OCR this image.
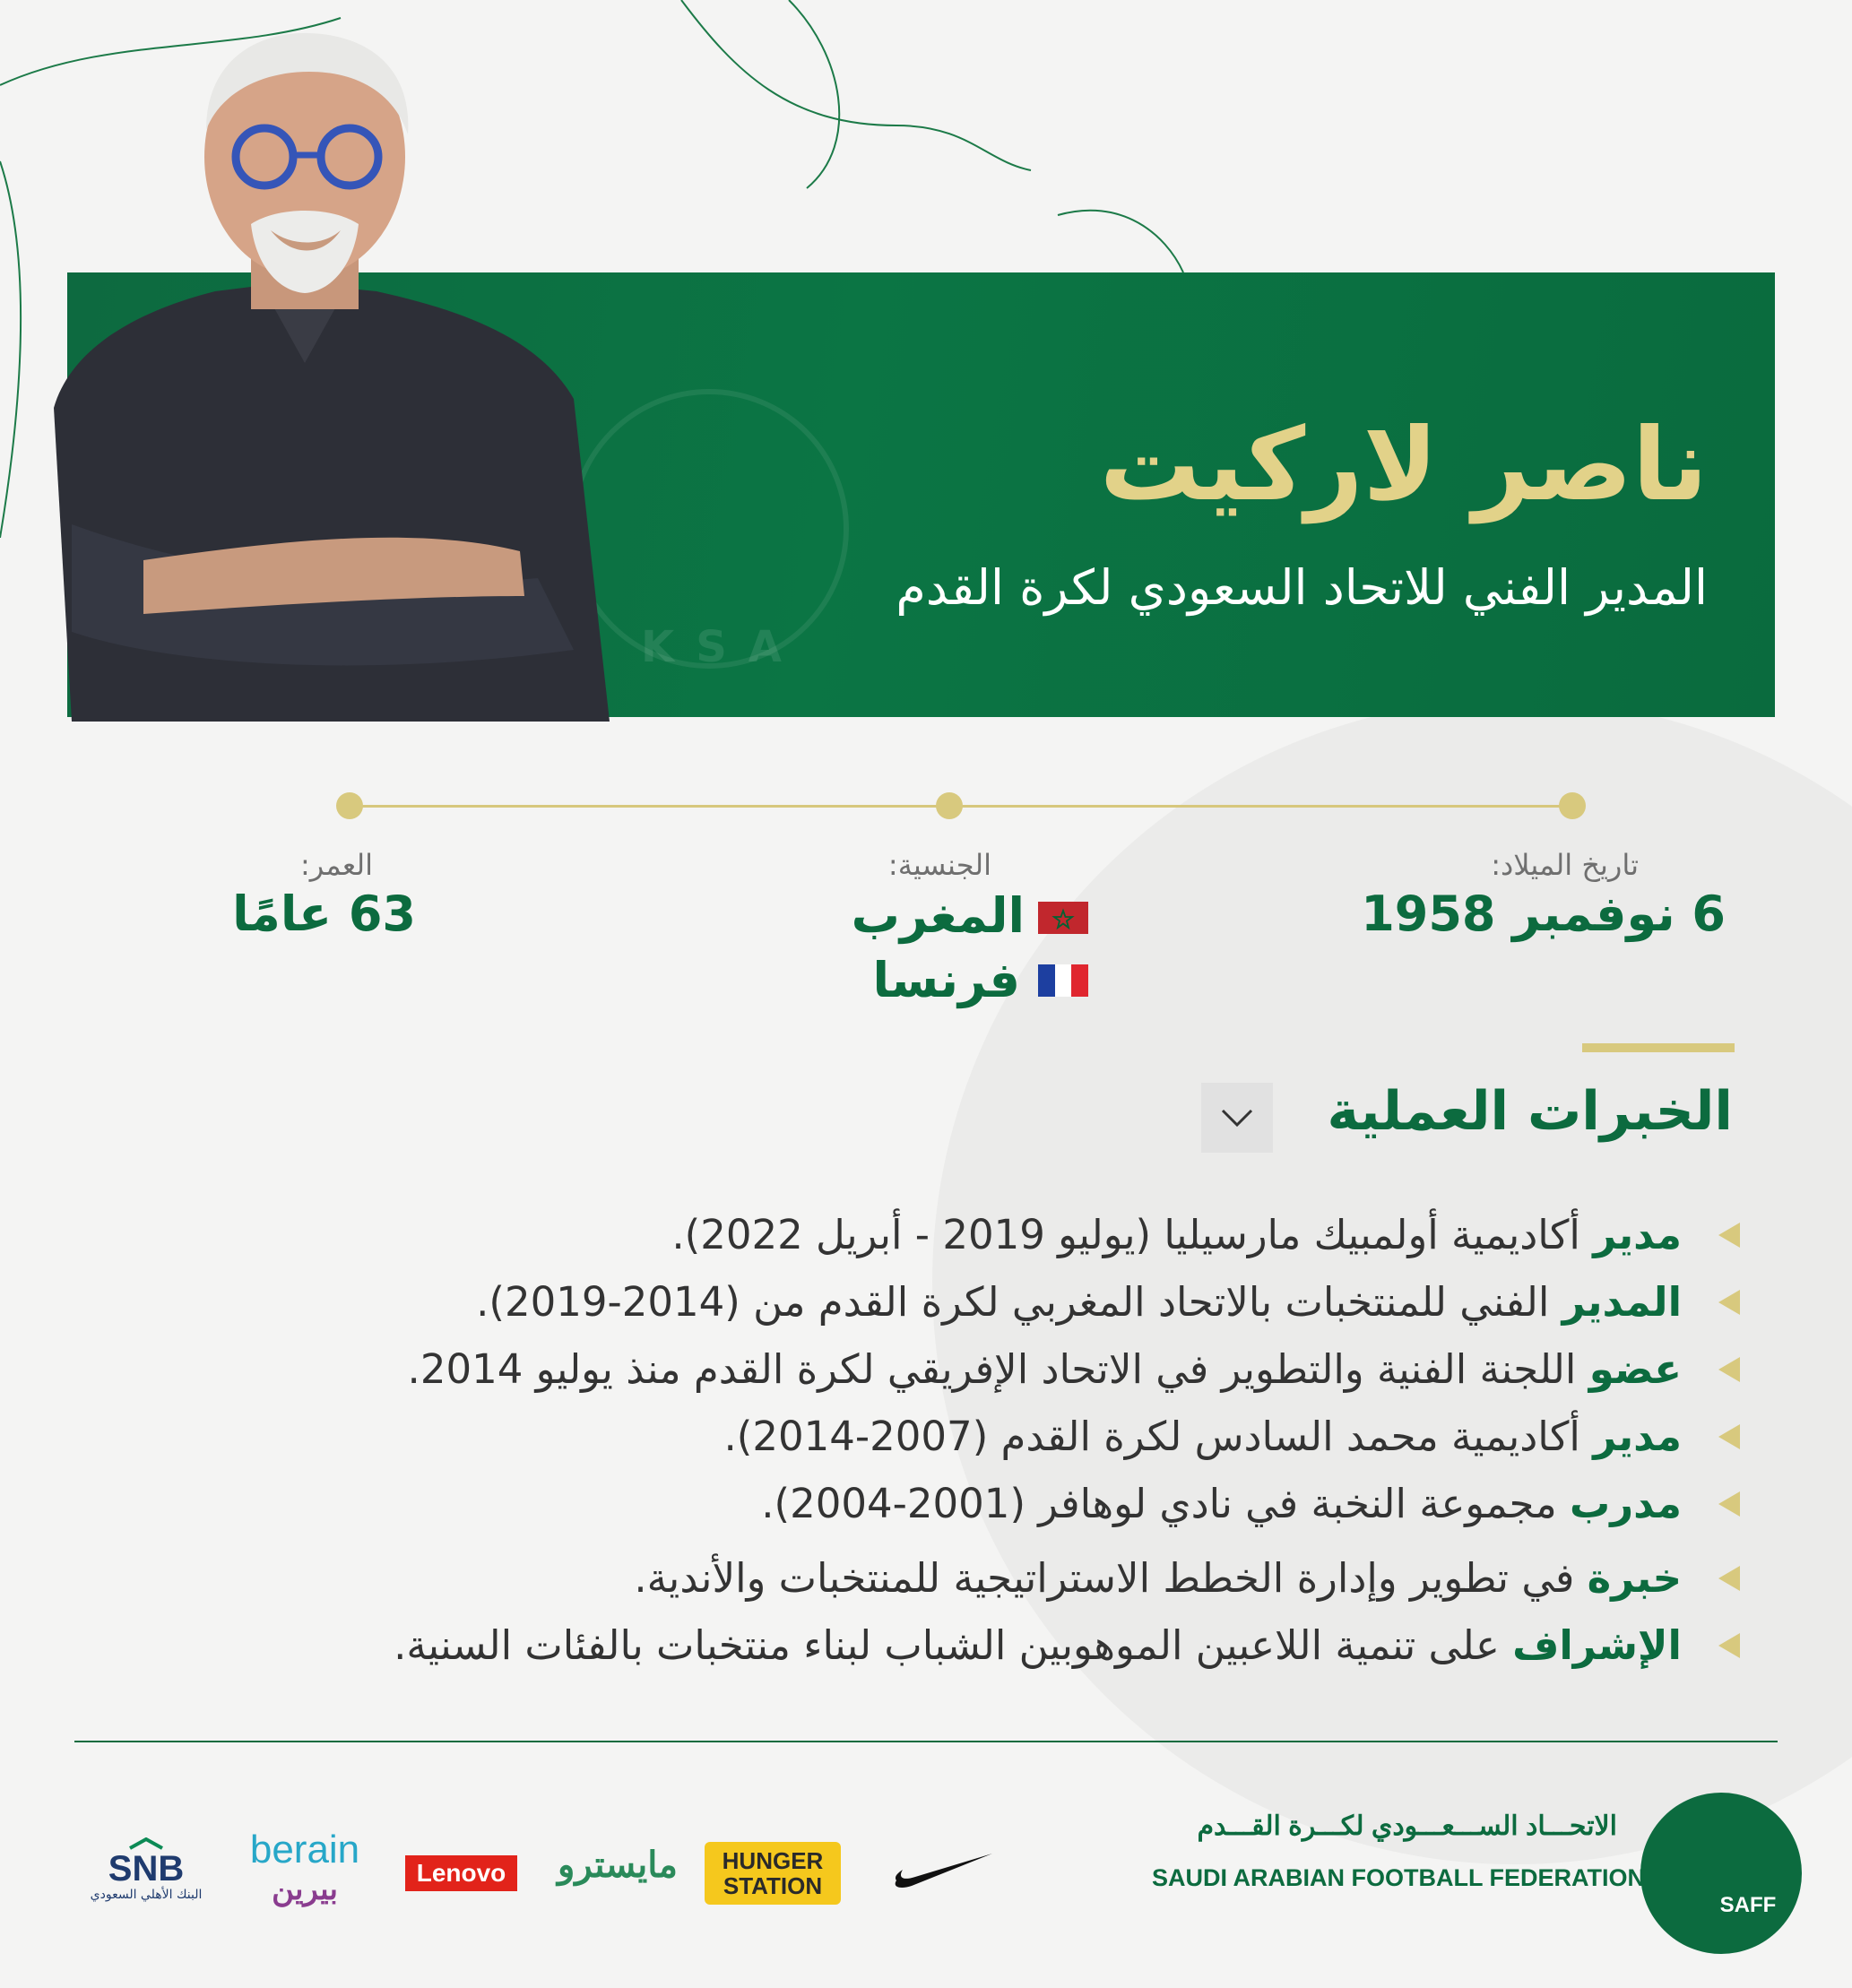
KSA
ناصر لاركيت
المدير الفني للاتحاد السعودي لكرة القدم
تاريخ الميلاد:
6 نوفمبر 1958
الجنسية:
المغرب
فرنسا
العمر:
63 عامًا
الخبرات العملية
مدير أكاديمية أولمبيك مارسيليا (يوليو 2019 - أبريل 2022).
المدير الفني للمنتخبات بالاتحاد المغربي لكرة القدم من (2014-2019).
عضو اللجنة الفنية والتطوير في الاتحاد الإفريقي لكرة القدم منذ يوليو 2014.
مدير أكاديمية محمد السادس لكرة القدم (2007-2014).
مدرب مجموعة النخبة في نادي لوهافر (2001-2004).
خبرة في تطوير وإدارة الخطط الاستراتيجية للمنتخبات والأندية.
الإشراف على تنمية اللاعبين الموهوبين الشباب لبناء منتخبات بالفئات السنية.
SAFF
الاتحـــاد الســـعـــودي لكـــرة القـــدم
SAUDI ARABIAN FOOTBALL FEDERATION
HUNGER
STATION
مايسترو
Lenovo
berain
بيرين
SNB
البنك الأهلي السعودي
